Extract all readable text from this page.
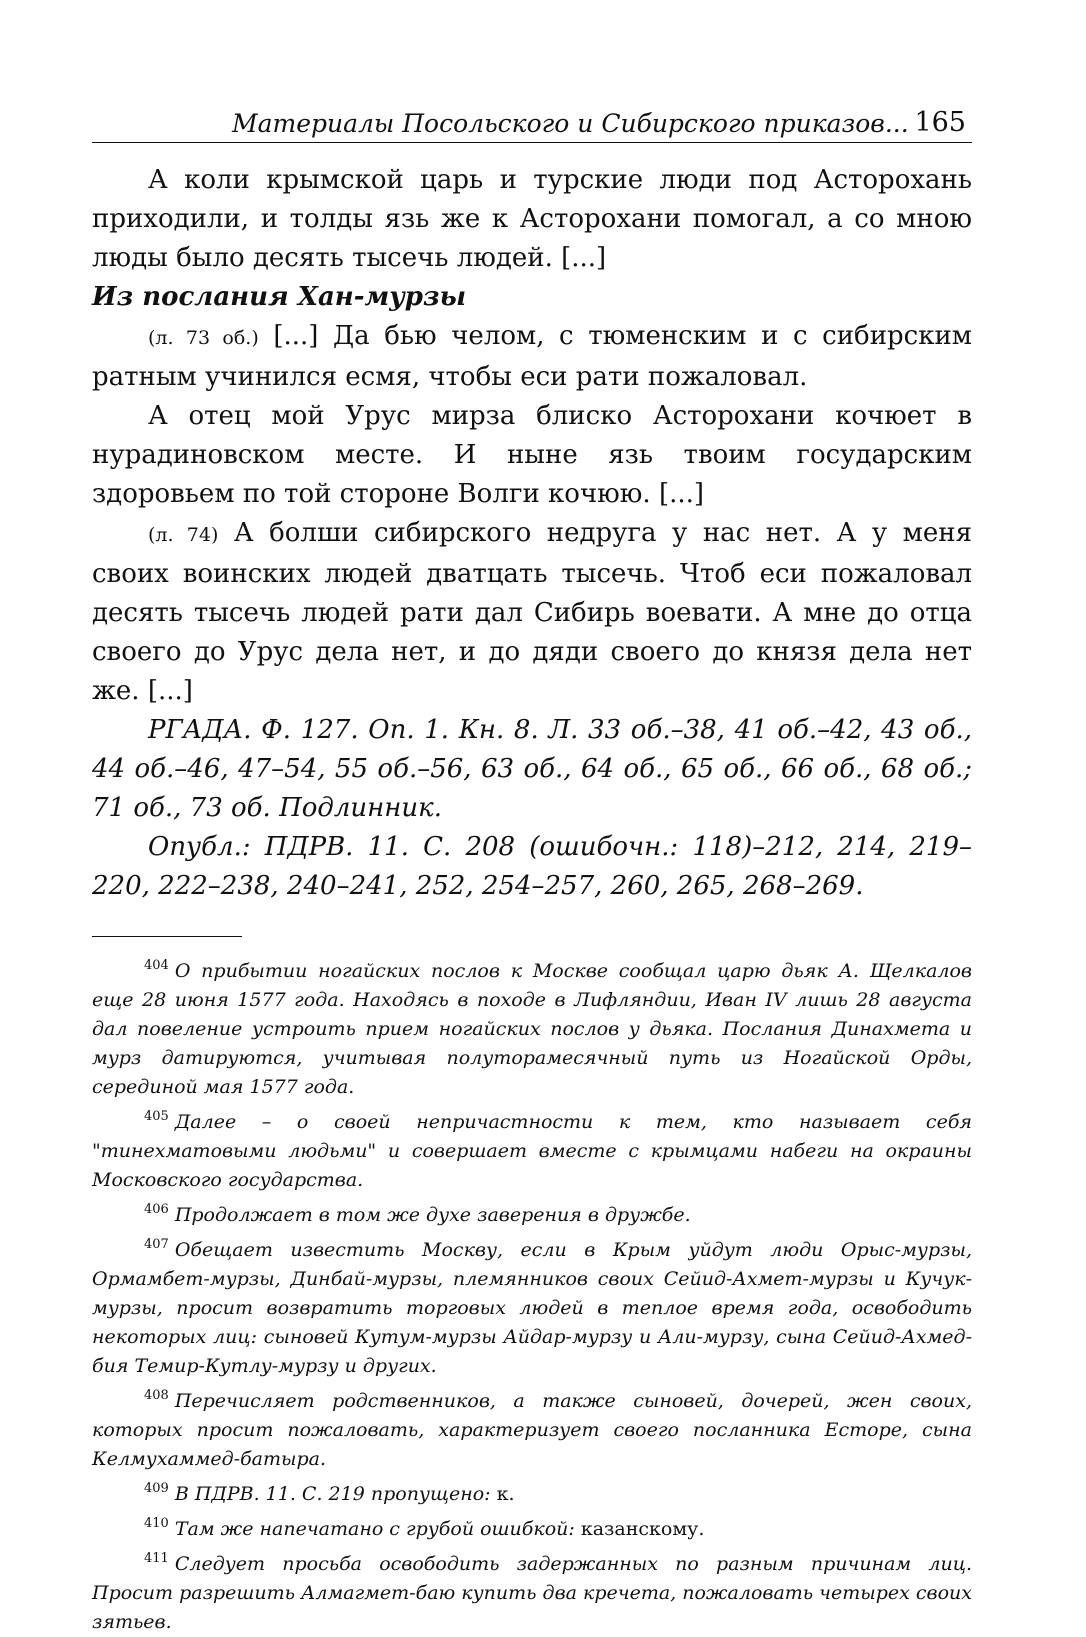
Материалы Посольского и Сибирского приказов... 165

А коли крымской царь и турские люди под Асторохань приходили, и толды язь же к Асторохани помогал, а со мною люды было десять тысечь людей. [...]

Из послания Хан-мурзы

(л. 73 об.) [...] Да бью челом, с тюменским и с сибирским ратным учинился есмя, чтобы еси рати пожаловал.

А отец мой Урус мирза блиско Асторохани кочюет в нурадиновском месте. И ныне язь твоим государским здоровьем по той стороне Волги кочюю. [...]

(л. 74) А болши сибирского недруга у нас нет. А у меня своих воинских людей дватцать тысечь. Чтоб еси пожаловал десять тысечь людей рати дал Сибирь воевати. А мне до отца своего до Урус дела нет, и до дяди своего до князя дела нет же. [...]

РГАДА. Ф. 127. Оп. 1. Кн. 8. Л. 33 об.–38, 41 об.–42, 43 об., 44 об.–46, 47–54, 55 об.–56, 63 об., 64 об., 65 об., 66 об., 68 об.; 71 об., 73 об. Подлинник.

Опубл.: ПДРВ. 11. С. 208 (ошибочн.: 118)–212, 214, 219–220, 222–238, 240–241, 252, 254–257, 260, 265, 268–269.

$^{404}$ О прибытии ногайских послов к Москве сообщал царю дьяк А. Щелкалов еще 28 июня 1577 года. Находясь в походе в Лифляндии, Иван IV лишь 28 августа дал повеление устроить прием ногайских послов у дьяка. Послания Динахмета и мурз датируются, учитывая полуторамесячный путь из Ногайской Орды, серединой мая 1577 года.

$^{405}$ Далее – о своей непричастности к тем, кто называет себя "тинехматовыми людьми" и совершает вместе с крымцами набеги на окраины Московского государства.

$^{406}$ Продолжает в том же духе заверения в дружбе.

$^{407}$ Обещает известить Москву, если в Крым уйдут люди Орыс-мурзы, Ормамбет-мурзы, Динбай-мурзы, племянников своих Сейид-Ахмет-мурзы и Кучук-мурзы, просит возвратить торговых людей в теплое время года, освободить некоторых лиц: сыновей Кутум-мурзы Айдар-мурзу и Али-мурзу, сына Сейид-Ахмед-бия Темир-Кутлу-мурзу и других.

$^{408}$ Перечисляет родственников, а также сыновей, дочерей, жен своих, которых просит пожаловать, характеризует своего посланника Есторе, сына Келмухаммед-батыра.

$^{409}$ В ПДРВ. 11. С. 219 пропущено: к.

$^{410}$ Там же напечатано с грубой ошибкой: казанскому.

$^{411}$ Следует просьба освободить задержанных по разным причинам лиц. Просит разрешить Алмагмет-баю купить два кречета, пожаловать четырех своих зятьев.
